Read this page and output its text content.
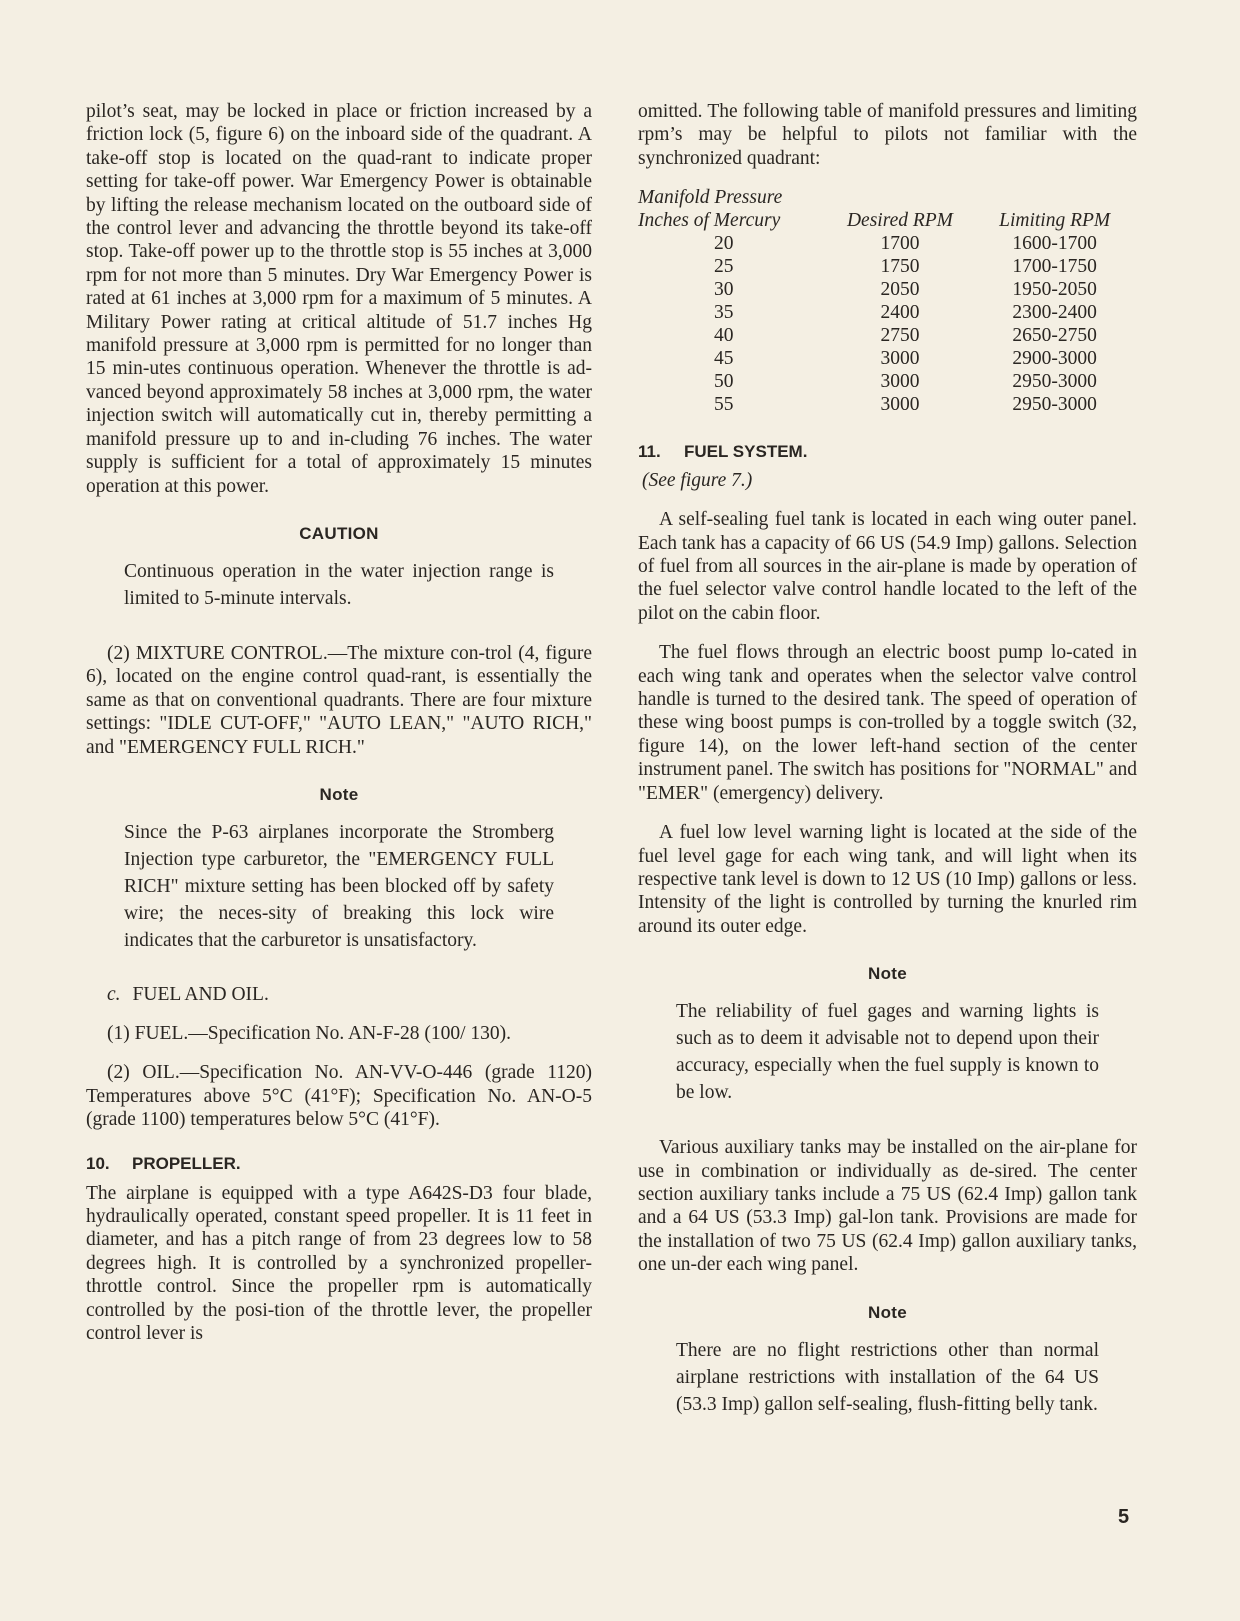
pilot’s seat, may be locked in place or friction increased by a friction lock (5, figure 6) on the inboard side of the quadrant. A take-off stop is located on the quad-rant to indicate proper setting for take-off power. War Emergency Power is obtainable by lifting the release mechanism located on the outboard side of the control lever and advancing the throttle beyond its take-off stop. Take-off power up to the throttle stop is 55 inches at 3,000 rpm for not more than 5 minutes. Dry War Emergency Power is rated at 61 inches at 3,000 rpm for a maximum of 5 minutes. A Military Power rating at critical altitude of 51.7 inches Hg manifold pressure at 3,000 rpm is permitted for no longer than 15 min-utes continuous operation. Whenever the throttle is ad-vanced beyond approximately 58 inches at 3,000 rpm, the water injection switch will automatically cut in, thereby permitting a manifold pressure up to and in-cluding 76 inches. The water supply is sufficient for a total of approximately 15 minutes operation at this power.

CAUTION

Continuous operation in the water injection range is limited to 5-minute intervals.

(2) MIXTURE CONTROL.—The mixture con-trol (4, figure 6), located on the engine control quad-rant, is essentially the same as that on conventional quadrants. There are four mixture settings: "IDLE CUT-OFF," "AUTO LEAN," "AUTO RICH," and "EMERGENCY FULL RICH."

Note

Since the P-63 airplanes incorporate the Stromberg Injection type carburetor, the "EMERGENCY FULL RICH" mixture setting has been blocked off by safety wire; the neces-sity of breaking this lock wire indicates that the carburetor is unsatisfactory.

c. FUEL AND OIL.

(1) FUEL.—Specification No. AN-F-28 (100/ 130).

(2) OIL.—Specification No. AN-VV-O-446 (grade 1120) Temperatures above 5°C (41°F); Specification No. AN-O-5 (grade 1100) temperatures below 5°C (41°F).

10. PROPELLER.

The airplane is equipped with a type A642S-D3 four blade, hydraulically operated, constant speed propeller. It is 11 feet in diameter, and has a pitch range of from 23 degrees low to 58 degrees high. It is controlled by a synchronized propeller-throttle control. Since the propeller rpm is automatically controlled by the posi-tion of the throttle lever, the propeller control lever is

omitted. The following table of manifold pressures and limiting rpm’s may be helpful to pilots not familiar with the synchronized quadrant:

Manifold Pressure
Inches of Mercury	Desired RPM	Limiting RPM
20	1700	1600-1700
25	1750	1700-1750
30	2050	1950-2050
35	2400	2300-2400
40	2750	2650-2750
45	3000	2900-3000
50	3000	2950-3000
55	3000	2950-3000
11. FUEL SYSTEM.
(See figure 7.)

A self-sealing fuel tank is located in each wing outer panel. Each tank has a capacity of 66 US (54.9 Imp) gallons. Selection of fuel from all sources in the air-plane is made by operation of the fuel selector valve control handle located to the left of the pilot on the cabin floor.

The fuel flows through an electric boost pump lo-cated in each wing tank and operates when the selector valve control handle is turned to the desired tank. The speed of operation of these wing boost pumps is con-trolled by a toggle switch (32, figure 14), on the lower left-hand section of the center instrument panel. The switch has positions for "NORMAL" and "EMER" (emergency) delivery.

A fuel low level warning light is located at the side of the fuel level gage for each wing tank, and will light when its respective tank level is down to 12 US (10 Imp) gallons or less. Intensity of the light is controlled by turning the knurled rim around its outer edge.

Note

The reliability of fuel gages and warning lights is such as to deem it advisable not to depend upon their accuracy, especially when the fuel supply is known to be low.

Various auxiliary tanks may be installed on the air-plane for use in combination or individually as de-sired. The center section auxiliary tanks include a 75 US (62.4 Imp) gallon tank and a 64 US (53.3 Imp) gal-lon tank. Provisions are made for the installation of two 75 US (62.4 Imp) gallon auxiliary tanks, one un-der each wing panel.

Note

There are no flight restrictions other than normal airplane restrictions with installation of the 64 US (53.3 Imp) gallon self-sealing, flush-fitting belly tank.

5
